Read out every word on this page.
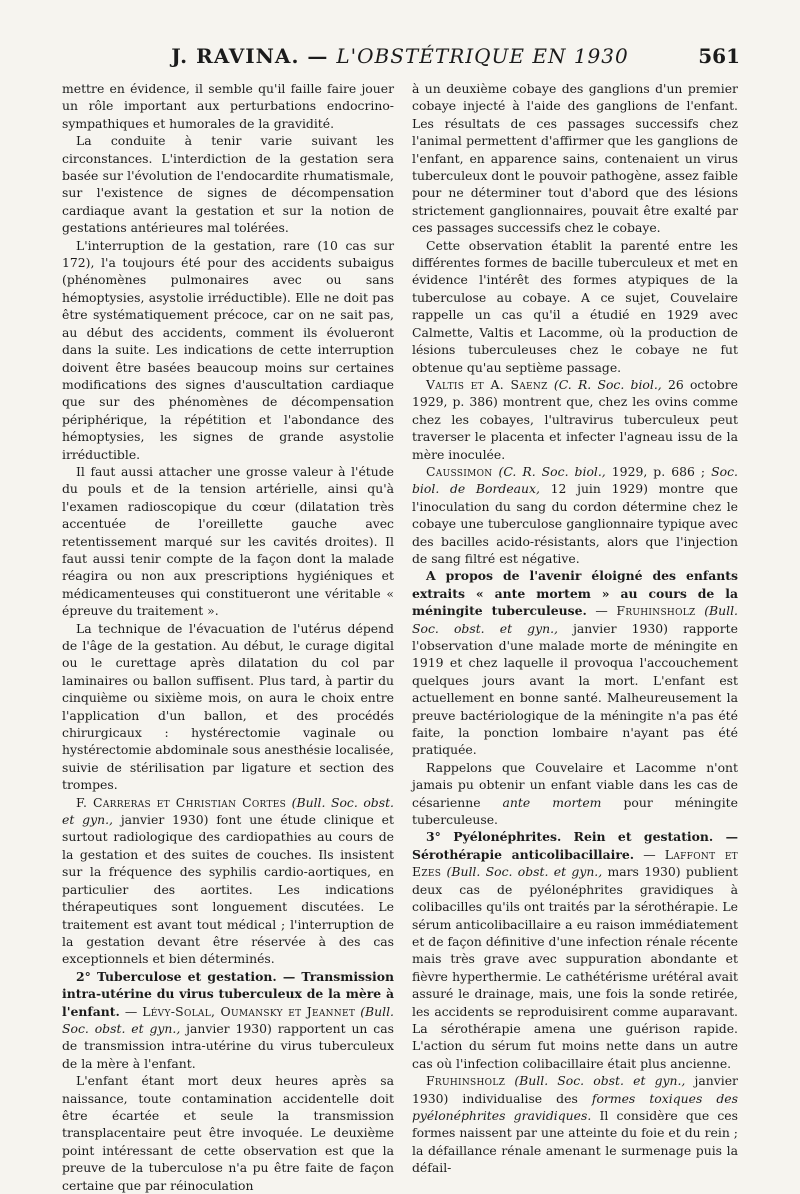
J. RAVINA. — L'OBSTÉTRIQUE EN 1930	561

mettre en évidence, il semble qu'il faille faire jouer un rôle important aux perturbations endocrino-sympathiques et humorales de la gravidité.

La conduite à tenir varie suivant les circonstances. L'interdiction de la gestation sera basée sur l'évolution de l'endocardite rhumatismale, sur l'existence de signes de décompensation cardiaque avant la gestation et sur la notion de gestations antérieures mal tolérées.

L'interruption de la gestation, rare (10 cas sur 172), l'a toujours été pour des accidents subaigus (phénomènes pulmonaires avec ou sans hémoptysies, asystolie irréductible). Elle ne doit pas être systématiquement précoce, car on ne sait pas, au début des accidents, comment ils évolueront dans la suite. Les indications de cette interruption doivent être basées beaucoup moins sur certaines modifications des signes d'auscultation cardiaque que sur des phénomènes de décompensation périphérique, la répétition et l'abondance des hémoptysies, les signes de grande asystolie irréductible.

Il faut aussi attacher une grosse valeur à l'étude du pouls et de la tension artérielle, ainsi qu'à l'examen radioscopique du cœur (dilatation très accentuée de l'oreillette gauche avec retentissement marqué sur les cavités droites). Il faut aussi tenir compte de la façon dont la malade réagira ou non aux prescriptions hygiéniques et médicamenteuses qui constitueront une véritable « épreuve du traitement ».

La technique de l'évacuation de l'utérus dépend de l'âge de la gestation. Au début, le curage digital ou le curettage après dilatation du col par laminaires ou ballon suffisent. Plus tard, à partir du cinquième ou sixième mois, on aura le choix entre l'application d'un ballon, et des procédés chirurgicaux : hystérectomie vaginale ou hystérectomie abdominale sous anesthésie localisée, suivie de stérilisation par ligature et section des trompes.

F. Carreras et Christian Cortes (Bull. Soc. obst. et gyn., janvier 1930) font une étude clinique et surtout radiologique des cardiopathies au cours de la gestation et des suites de couches. Ils insistent sur la fréquence des syphilis cardio-aortiques, en particulier des aortites. Les indications thérapeutiques sont longuement discutées. Le traitement est avant tout médical ; l'interruption de la gestation devant être réservée à des cas exceptionnels et bien déterminés.

2° Tuberculose et gestation. — Transmission intra-utérine du virus tuberculeux de la mère à l'enfant. — Lévy-Solal, Oumansky et Jeannet (Bull. Soc. obst. et gyn., janvier 1930) rapportent un cas de transmission intra-utérine du virus tuberculeux de la mère à l'enfant.

L'enfant étant mort deux heures après sa naissance, toute contamination accidentelle doit être écartée et seule la transmission transplacentaire peut être invoquée. Le deuxième point intéressant de cette observation est que la preuve de la tuberculose n'a pu être faite de façon certaine que par réinoculation

à un deuxième cobaye des ganglions d'un premier cobaye injecté à l'aide des ganglions de l'enfant. Les résultats de ces passages successifs chez l'animal permettent d'affirmer que les ganglions de l'enfant, en apparence sains, contenaient un virus tuberculeux dont le pouvoir pathogène, assez faible pour ne déterminer tout d'abord que des lésions strictement ganglionnaires, pouvait être exalté par ces passages successifs chez le cobaye.

Cette observation établit la parenté entre les différentes formes de bacille tuberculeux et met en évidence l'intérêt des formes atypiques de la tuberculose au cobaye. A ce sujet, Couvelaire rappelle un cas qu'il a étudié en 1929 avec Calmette, Valtis et Lacomme, où la production de lésions tuberculeuses chez le cobaye ne fut obtenue qu'au septième passage.

Valtis et A. Saenz (C. R. Soc. biol., 26 octobre 1929, p. 386) montrent que, chez les ovins comme chez les cobayes, l'ultravirus tuberculeux peut traverser le placenta et infecter l'agneau issu de la mère inoculée.

Caussimon (C. R. Soc. biol., 1929, p. 686 ; Soc. biol. de Bordeaux, 12 juin 1929) montre que l'inoculation du sang du cordon détermine chez le cobaye une tuberculose ganglionnaire typique avec des bacilles acido-résistants, alors que l'injection de sang filtré est négative.

A propos de l'avenir éloigné des enfants extraits « ante mortem » au cours de la méningite tuberculeuse. — Fruhinsholz (Bull. Soc. obst. et gyn., janvier 1930) rapporte l'observation d'une malade morte de méningite en 1919 et chez laquelle il provoqua l'accouchement quelques jours avant la mort. L'enfant est actuellement en bonne santé. Malheureusement la preuve bactériologique de la méningite n'a pas été faite, la ponction lombaire n'ayant pas été pratiquée.

Rappelons que Couvelaire et Lacomme n'ont jamais pu obtenir un enfant viable dans les cas de césarienne ante mortem pour méningite tuberculeuse.

3° Pyélonéphrites. Rein et gestation. — Sérothérapie anticolibacillaire. — Laffont et Ezes (Bull. Soc. obst. et gyn., mars 1930) publient deux cas de pyélonéphrites gravidiques à colibacilles qu'ils ont traités par la sérothérapie. Le sérum anticolibacillaire a eu raison immédiatement et de façon définitive d'une infection rénale récente mais très grave avec suppuration abondante et fièvre hyperthermie. Le cathétérisme urétéral avait assuré le drainage, mais, une fois la sonde retirée, les accidents se reproduisirent comme auparavant. La sérothérapie amena une guérison rapide. L'action du sérum fut moins nette dans un autre cas où l'infection colibacillaire était plus ancienne.

Fruhinsholz (Bull. Soc. obst. et gyn., janvier 1930) individualise des formes toxiques des pyélonéphrites gravidiques. Il considère que ces formes naissent par une atteinte du foie et du rein ; la défaillance rénale amenant le surmenage puis la défail-
